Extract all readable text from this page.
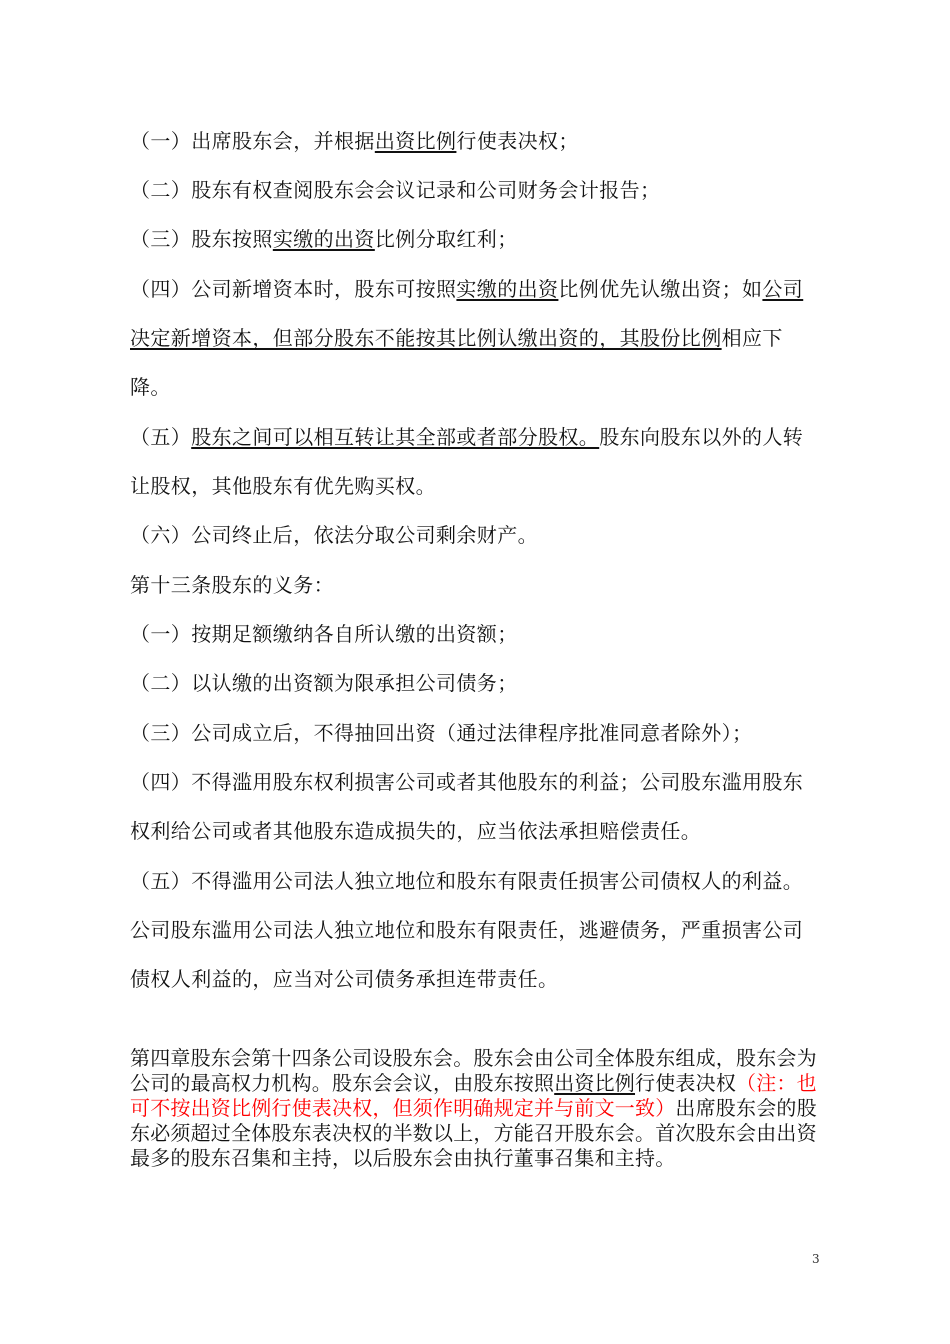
（一）出席股东会，并根据出资比例行使表决权；
（二）股东有权查阅股东会会议记录和公司财务会计报告；
（三）股东按照实缴的出资比例分取红利；
（四）公司新增资本时，股东可按照实缴的出资比例优先认缴出资；如公司决定新增资本，但部分股东不能按其比例认缴出资的，其股份比例相应下降。
（五）股东之间可以相互转让其全部或者部分股权。股东向股东以外的人转让股权，其他股东有优先购买权。
（六）公司终止后，依法分取公司剩余财产。
第十三条股东的义务：
（一）按期足额缴纳各自所认缴的出资额；
（二）以认缴的出资额为限承担公司债务；
（三）公司成立后，不得抽回出资（通过法律程序批准同意者除外）；
（四）不得滥用股东权利损害公司或者其他股东的利益；公司股东滥用股东权利给公司或者其他股东造成损失的，应当依法承担赔偿责任。
（五）不得滥用公司法人独立地位和股东有限责任损害公司债权人的利益。公司股东滥用公司法人独立地位和股东有限责任，逃避债务，严重损害公司债权人利益的，应当对公司债务承担连带责任。
第四章股东会第十四条公司设股东会。股东会由公司全体股东组成，股东会为公司的最高权力机构。股东会会议，由股东按照出资比例行使表决权（注：也可不按出资比例行使表决权，但须作明确规定并与前文一致）出席股东会的股东必须超过全体股东表决权的半数以上，方能召开股东会。首次股东会由出资最多的股东召集和主持，以后股东会由执行董事召集和主持。
3
